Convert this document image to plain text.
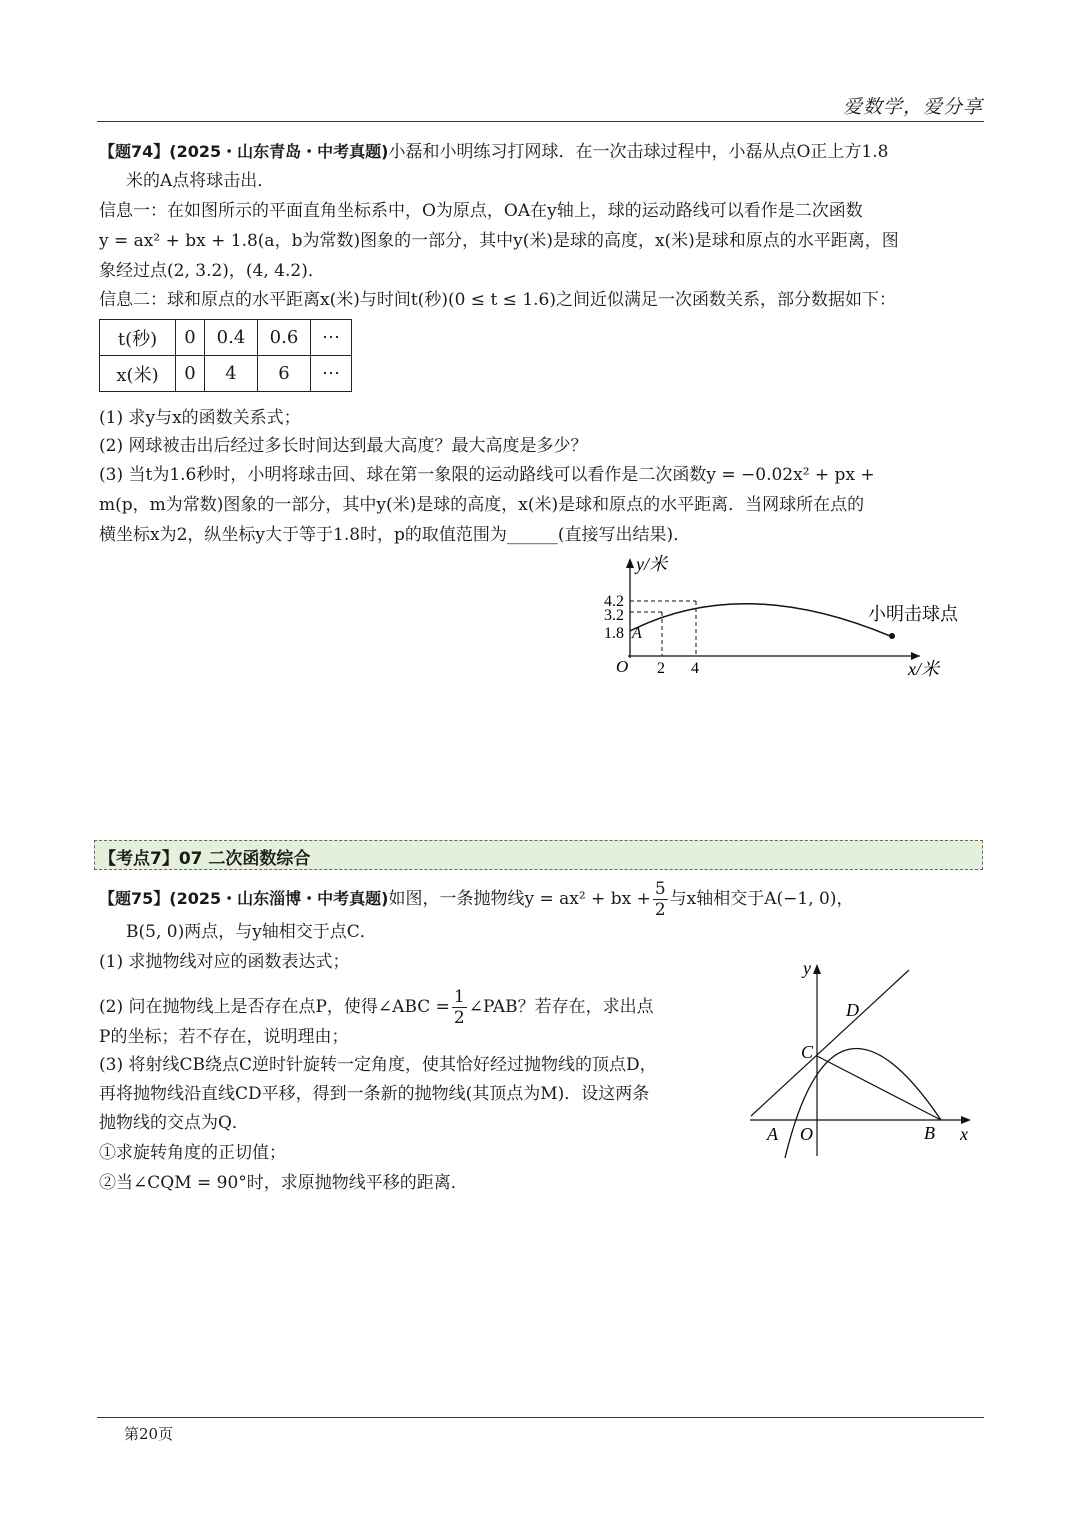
爱数学，爱分享
【题74】(2025・山东青岛・中考真题)小磊和小明练习打网球．在一次击球过程中，小磊从点O正上方1.8
米的A点将球击出．
信息一：在如图所示的平面直角坐标系中，O为原点，OA在y轴上，球的运动路线可以看作是二次函数
y = ax² + bx + 1.8(a，b为常数)图象的一部分，其中y(米)是球的高度，x(米)是球和原点的水平距离，图
象经过点(2, 3.2)，(4, 4.2)．
信息二：球和原点的水平距离x(米)与时间t(秒)(0 ≤ t ≤ 1.6)之间近似满足一次函数关系，部分数据如下：
t(秒)	0	0.4	0.6	⋯
x(米)	0	4	6	⋯
(1) 求y与x的函数关系式；
(2) 网球被击出后经过多长时间达到最大高度？最大高度是多少？
(3) 当t为1.6秒时，小明将球击回、球在第一象限的运动路线可以看作是二次函数y = −0.02x² + px +
m(p，m为常数)图象的一部分，其中y(米)是球的高度，x(米)是球和原点的水平距离．当网球所在点的
横坐标x为2，纵坐标y大于等于1.8时，p的取值范围为______(直接写出结果)．
y/米
x/米
4.2
3.2
1.8
2 4
O
A
小明击球点
【考点7】07 二次函数综合
【题75】(2025・山东淄博・中考真题)如图，一条抛物线y = ax² + bx + $\frac{5}{2}$ 与x轴相交于A(−1, 0)，
B(5, 0)两点，与y轴相交于点C．
(1) 求抛物线对应的函数表达式；
(2) 问在抛物线上是否存在点P，使得∠ABC = $\frac{1}{2}$ ∠PAB？若存在，求出点
P的坐标；若不存在，说明理由；
(3) 将射线CB绕点C逆时针旋转一定角度，使其恰好经过抛物线的顶点D，
再将抛物线沿直线CD平移，得到一条新的抛物线(其顶点为M)．设这两条
抛物线的交点为Q．
①求旋转角度的正切值；
②当∠CQM = 90°时，求原抛物线平移的距离．
y
x
D
C
A O	B
第20页
